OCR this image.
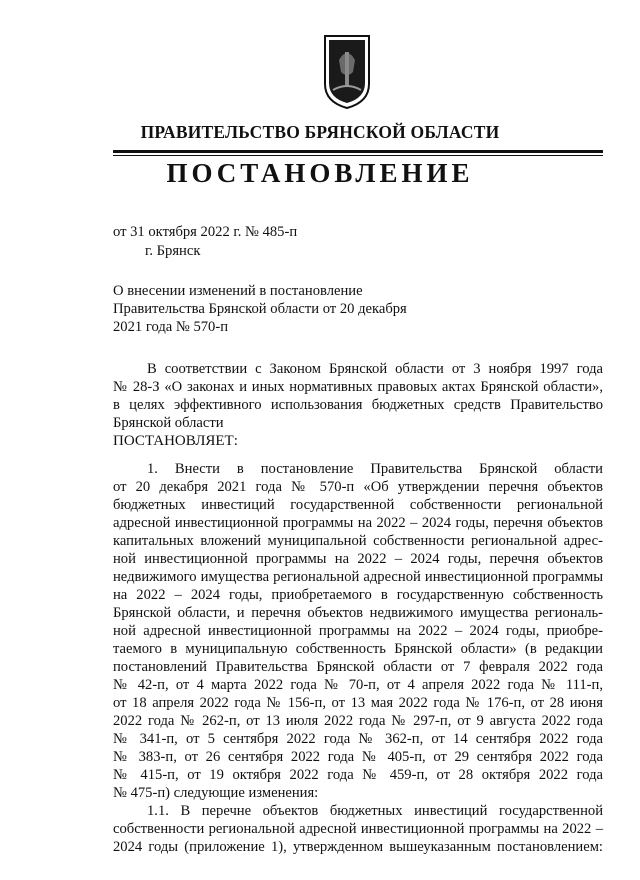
ПРАВИТЕЛЬСТВО БРЯНСКОЙ ОБЛАСТИ
ПОСТАНОВЛЕНИЕ
от 31 октября 2022 г. № 485-п
г. Брянск
О внесении изменений в постановление
Правительства Брянской области от 20 декабря
2021 года № 570-п
В соответствии с Законом Брянской области от 3 ноября 1997 года
№ 28-З «О законах и иных нормативных правовых актах Брянской области»,
в целях эффективного использования бюджетных средств Правительство
Брянской области
ПОСТАНОВЛЯЕТ:
1. Внести в постановление Правительства Брянской области
от 20 декабря 2021 года № 570-п «Об утверждении перечня объектов
бюджетных инвестиций государственной собственности региональной
адресной инвестиционной программы на 2022 – 2024 годы, перечня объектов
капитальных вложений муниципальной собственности региональной адрес-
ной инвестиционной программы на 2022 – 2024 годы, перечня объектов
недвижимого имущества региональной адресной инвестиционной программы
на 2022 – 2024 годы, приобретаемого в государственную собственность
Брянской области, и перечня объектов недвижимого имущества региональ-
ной адресной инвестиционной программы на 2022 – 2024 годы, приобре-
таемого в муниципальную собственность Брянской области» (в редакции
постановлений Правительства Брянской области от 7 февраля 2022 года
№ 42-п, от 4 марта 2022 года № 70-п, от 4 апреля 2022 года № 111-п,
от 18 апреля 2022 года № 156-п, от 13 мая 2022 года № 176-п, от 28 июня
2022 года № 262-п, от 13 июля 2022 года № 297-п, от 9 августа 2022 года
№ 341-п, от 5 сентября 2022 года № 362-п, от 14 сентября 2022 года
№ 383-п, от 26 сентября 2022 года № 405-п, от 29 сентября 2022 года
№ 415-п, от 19 октября 2022 года № 459-п, от 28 октября 2022 года
№ 475-п) следующие изменения:
1.1. В перечне объектов бюджетных инвестиций государственной
собственности региональной адресной инвестиционной программы на 2022 –
2024 годы (приложение 1), утвержденном вышеуказанным постановлением:
